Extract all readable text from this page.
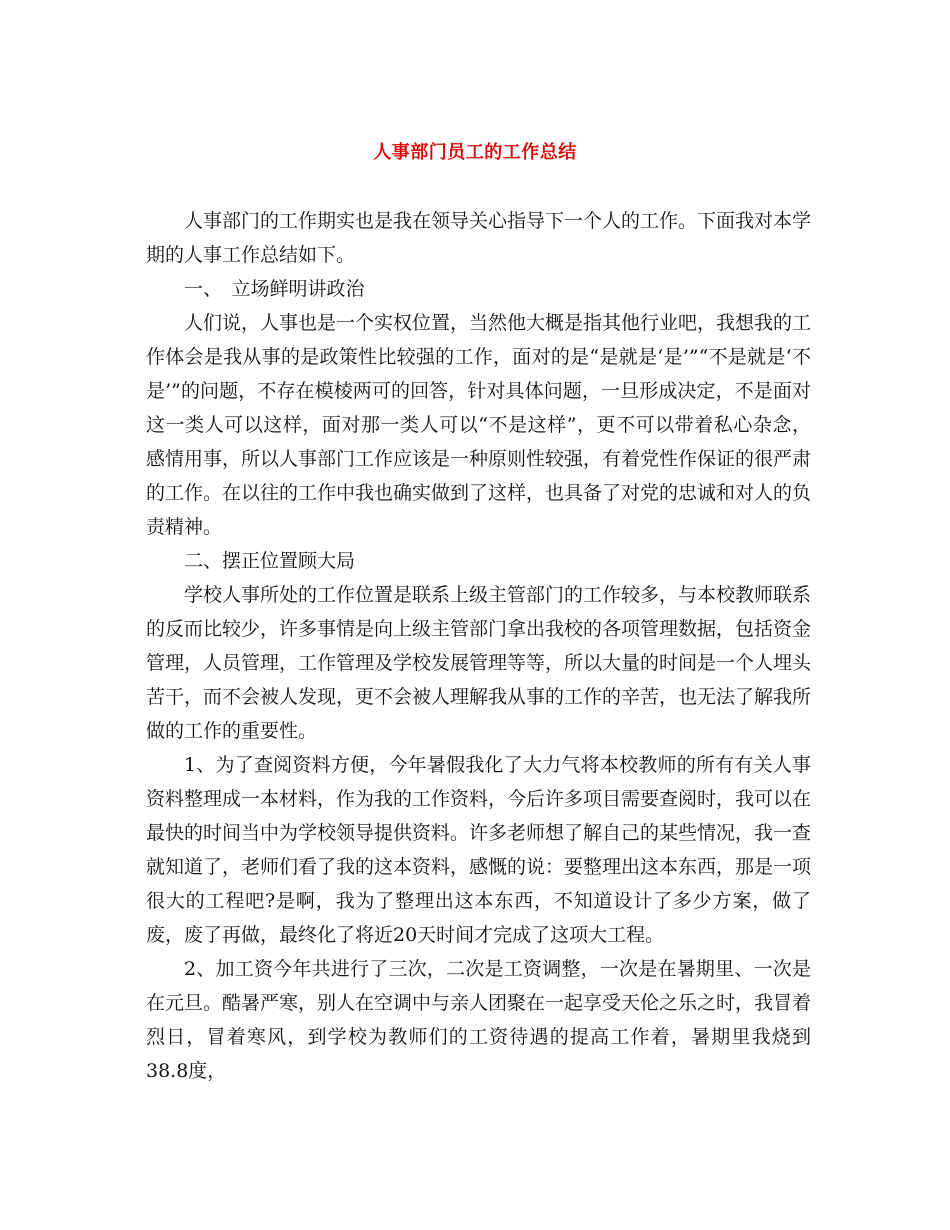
人事部门员工的工作总结

人事部门的工作期实也是我在领导关心指导下一个人的工作。下面我对本学期的人事工作总结如下。

一、　立场鲜明讲政治

人们说，人事也是一个实权位置，当然他大概是指其他行业吧，我想我的工作体会是我从事的是政策性比较强的工作，面对的是“是就是‘是’”“不是就是‘不是’”的问题，不存在模棱两可的回答，针对具体问题，一旦形成决定，不是面对这一类人可以这样，面对那一类人可以“不是这样”，更不可以带着私心杂念，感情用事，所以人事部门工作应该是一种原则性较强，有着党性作保证的很严肃的工作。在以往的工作中我也确实做到了这样，也具备了对党的忠诚和对人的负责精神。

二、摆正位置顾大局

学校人事所处的工作位置是联系上级主管部门的工作较多，与本校教师联系的反而比较少，许多事情是向上级主管部门拿出我校的各项管理数据，包括资金管理，人员管理，工作管理及学校发展管理等等，所以大量的时间是一个人埋头苦干，而不会被人发现，更不会被人理解我从事的工作的辛苦，也无法了解我所做的工作的重要性。

1、为了查阅资料方便，今年暑假我化了大力气将本校教师的所有有关人事资料整理成一本材料，作为我的工作资料，今后许多项目需要查阅时，我可以在最快的时间当中为学校领导提供资料。许多老师想了解自己的某些情况，我一查就知道了，老师们看了我的这本资料，感慨的说：要整理出这本东西，那是一项很大的工程吧?是啊，我为了整理出这本东西，不知道设计了多少方案，做了废，废了再做，最终化了将近20天时间才完成了这项大工程。

2、加工资今年共进行了三次，二次是工资调整，一次是在暑期里、一次是在元旦。酷暑严寒，别人在空调中与亲人团聚在一起享受天伦之乐之时，我冒着烈日，冒着寒风，到学校为教师们的工资待遇的提高工作着，暑期里我烧到38.8度，
